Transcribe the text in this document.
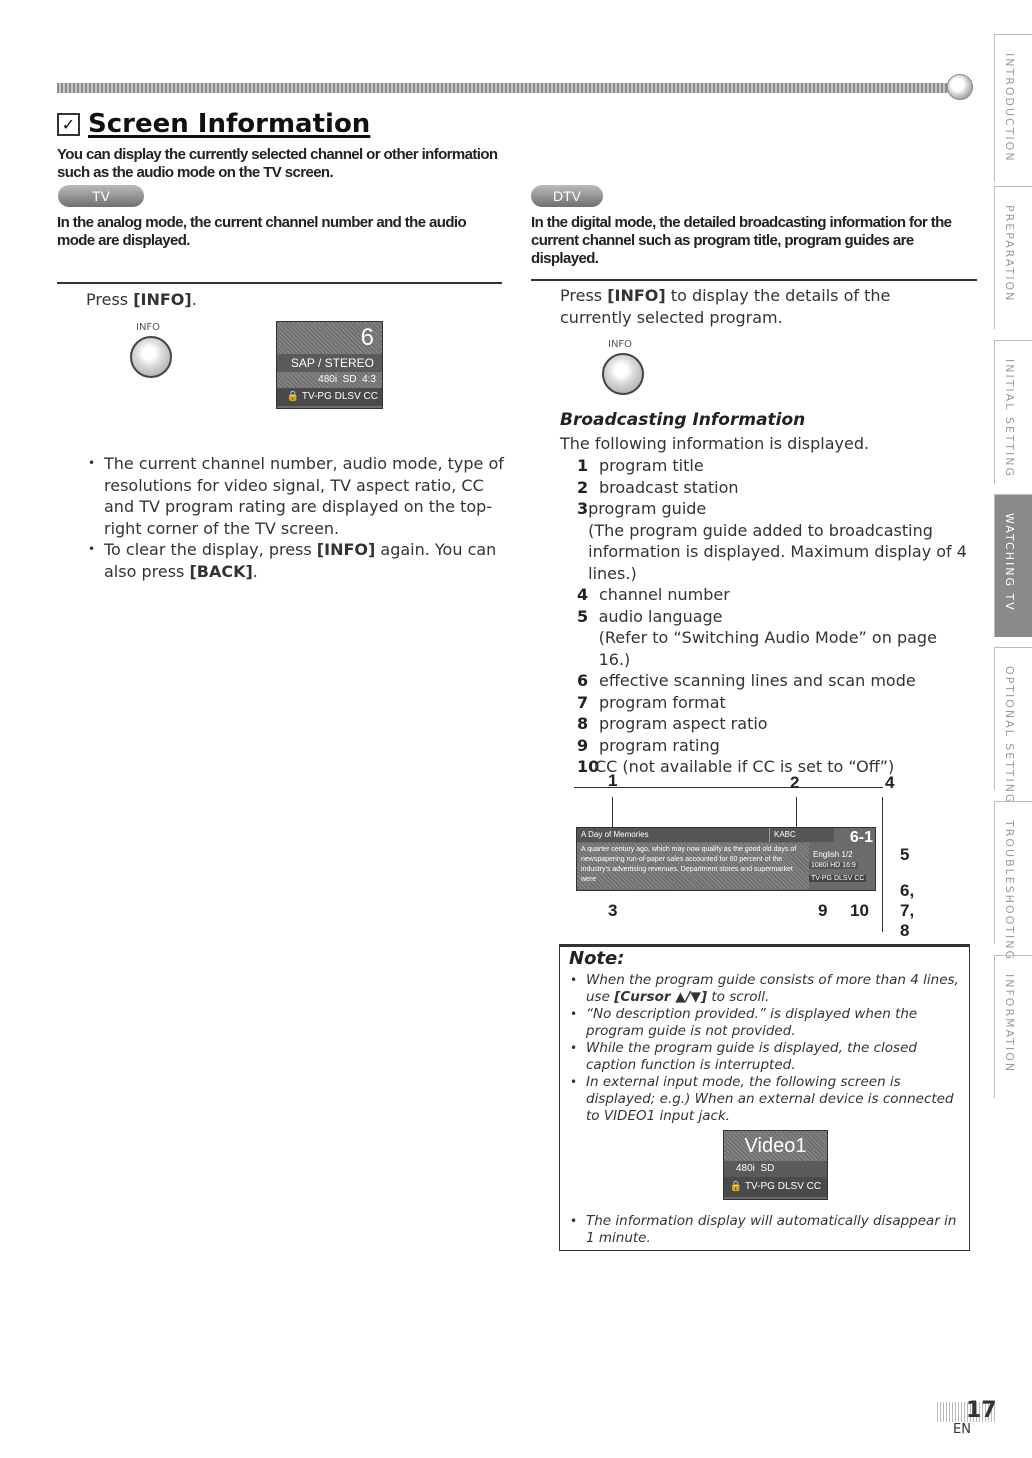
✓ Screen Information
You can display the currently selected channel or other information such as the audio mode on the TV screen.
TV
In the analog mode, the current channel number and the audio mode are displayed.
Press [INFO].
INFO	6
SAP / STEREO
480i SD 4:3
🔒 TV-PG DLSV CC
• The current channel number, audio mode, type of resolutions for video signal, TV aspect ratio, CC and TV program rating are displayed on the top-right corner of the TV screen.
• To clear the display, press [INFO] again. You can also press [BACK].
DTV
In the digital mode, the detailed broadcasting information for the current channel such as program title, program guides are displayed.
Press [INFO] to display the details of the currently selected program.
INFO
Broadcasting Information
The following information is displayed.
1 program title
2 broadcast station
3 program guide
(The program guide added to broadcasting information is displayed. Maximum display of 4 lines.)
4 channel number
5 audio language
(Refer to “Switching Audio Mode” on page 16.)
6 effective scanning lines and scan mode
7 program format
8 program aspect ratio
9 program rating
10
CC (not available if CC is set to “Off”)
A Day of Memories	KABC	6-1
A quarter century ago, which may now qualify as the good old days of newspapering run-of-paper sales accounted for 60 percent of the industry's advertising revenues. Department stores and supermarket were
English 1/2
1080i HD 16:9
TV-PG DLSV CC
1	2	4
5
6, 7, 8
3	9 10
Note:
• When the program guide consists of more than 4 lines, use [Cursor ▲/▼] to scroll.
• “No description provided.” is displayed when the program guide is not provided.
• While the program guide is displayed, the closed caption function is interrupted.
• In external input mode, the following screen is displayed; e.g.) When an external device is connected to VIDEO1 input jack.
Video1
480i SD
🔒 TV-PG DLSV CC
• The information display will automatically disappear in 1 minute.
INTRODUCTION
PREPARATION
INITIAL SETTING
WATCHING TV
OPTIONAL SETTING
TROUBLESHOOTING
INFORMATION
17
EN
